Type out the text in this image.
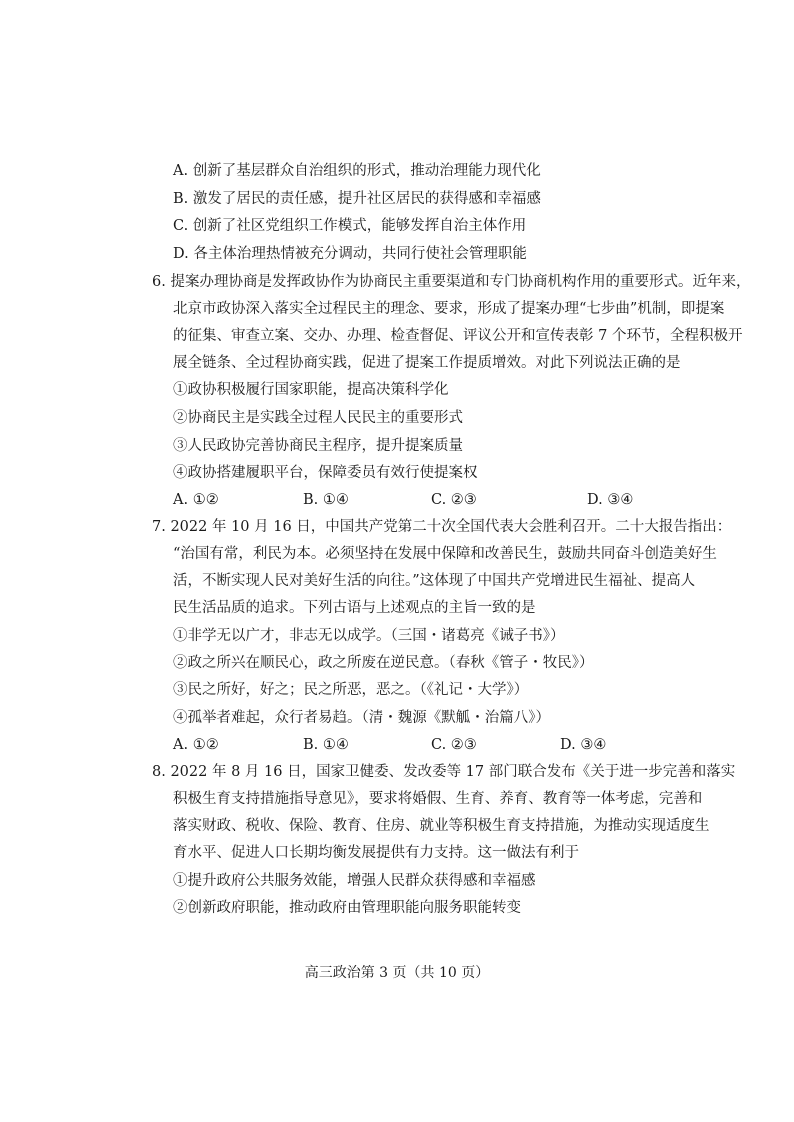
A. 创新了基层群众自治组织的形式，推动治理能力现代化
B. 激发了居民的责任感，提升社区居民的获得感和幸福感
C. 创新了社区党组织工作模式，能够发挥自治主体作用
D. 各主体治理热情被充分调动，共同行使社会管理职能
6. 提案办理协商是发挥政协作为协商民主重要渠道和专门协商机构作用的重要形式。近年来，
北京市政协深入落实全过程民主的理念、要求，形成了提案办理“七步曲”机制，即提案
的征集、审查立案、交办、办理、检查督促、评议公开和宣传表彰 7 个环节，全程积极开
展全链条、全过程协商实践，促进了提案工作提质增效。对此下列说法正确的是
①政协积极履行国家职能，提高决策科学化
②协商民主是实践全过程人民民主的重要形式
③人民政协完善协商民主程序，提升提案质量
④政协搭建履职平台，保障委员有效行使提案权
A. ①②	B. ①④	C. ②③	D. ③④
7. 2022 年 10 月 16 日，中国共产党第二十次全国代表大会胜利召开。二十大报告指出：
“治国有常，利民为本。必须坚持在发展中保障和改善民生，鼓励共同奋斗创造美好生
活，不断实现人民对美好生活的向往。”这体现了中国共产党增进民生福祉、提高人
民生活品质的追求。下列古语与上述观点的主旨一致的是
①非学无以广才，非志无以成学。（三国・诸葛亮《诫子书》）
②政之所兴在顺民心，政之所废在逆民意。（春秋《管子・牧民》）
③民之所好，好之；民之所恶，恶之。（《礼记・大学》）
④孤举者难起，众行者易趋。（清・魏源《默觚・治篇八》）
A. ①②	B. ①④	C. ②③	D. ③④
8. 2022 年 8 月 16 日，国家卫健委、发改委等 17 部门联合发布《关于进一步完善和落实
积极生育支持措施指导意见》，要求将婚假、生育、养育、教育等一体考虑，完善和
落实财政、税收、保险、教育、住房、就业等积极生育支持措施，为推动实现适度生
育水平、促进人口长期均衡发展提供有力支持。这一做法有利于
①提升政府公共服务效能，增强人民群众获得感和幸福感
②创新政府职能，推动政府由管理职能向服务职能转变
高三政治第 3 页（共 10 页）
